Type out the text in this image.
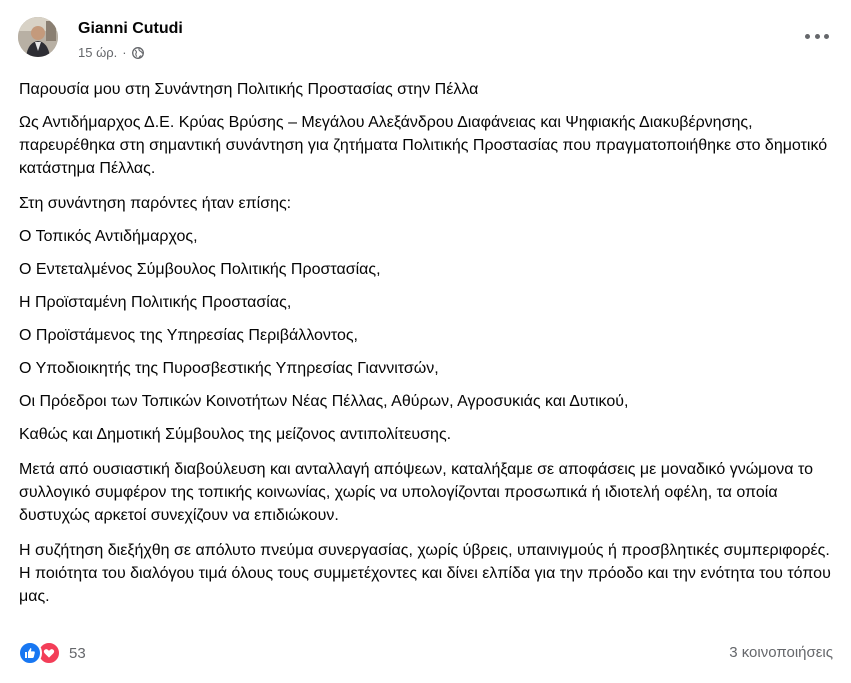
Gianni Cutudi
15 ώρ. ·

Παρουσία μου στη Συνάντηση Πολιτικής Προστασίας στην Πέλλα

Ως Αντιδήμαρχος Δ.Ε. Κρύας Βρύσης – Μεγάλου Αλεξάνδρου Διαφάνειας και Ψηφιακής Διακυβέρνησης, παρευρέθηκα στη σημαντική συνάντηση για ζητήματα Πολιτικής Προστασίας που πραγματοποιήθηκε στο δημοτικό κατάστημα Πέλλας.

Στη συνάντηση παρόντες ήταν επίσης:

Ο Τοπικός Αντιδήμαρχος,

Ο Εντεταλμένος Σύμβουλος Πολιτικής Προστασίας,

Η Προϊσταμένη Πολιτικής Προστασίας,

Ο Προϊστάμενος της Υπηρεσίας Περιβάλλοντος,

Ο Υποδιοικητής της Πυροσβεστικής Υπηρεσίας Γιαννιτσών,

Οι Πρόεδροι των Τοπικών Κοινοτήτων Νέας Πέλλας, Αθύρων, Αγροσυκιάς και Δυτικού,

Καθώς και Δημοτική Σύμβουλος της μείζονος αντιπολίτευσης.

Μετά από ουσιαστική διαβούλευση και ανταλλαγή απόψεων, καταλήξαμε σε αποφάσεις με μοναδικό γνώμονα το συλλογικό συμφέρον της τοπικής κοινωνίας, χωρίς να υπολογίζονται προσωπικά ή ιδιοτελή οφέλη, τα οποία δυστυχώς αρκετοί συνεχίζουν να επιδιώκουν.

Η συζήτηση διεξήχθη σε απόλυτο πνεύμα συνεργασίας, χωρίς ύβρεις, υπαινιγμούς ή προσβλητικές συμπεριφορές. Η ποιότητα του διαλόγου τιμά όλους τους συμμετέχοντες και δίνει ελπίδα για την πρόοδο και την ενότητα του τόπου μας.

53	3 κοινοποιήσεις
